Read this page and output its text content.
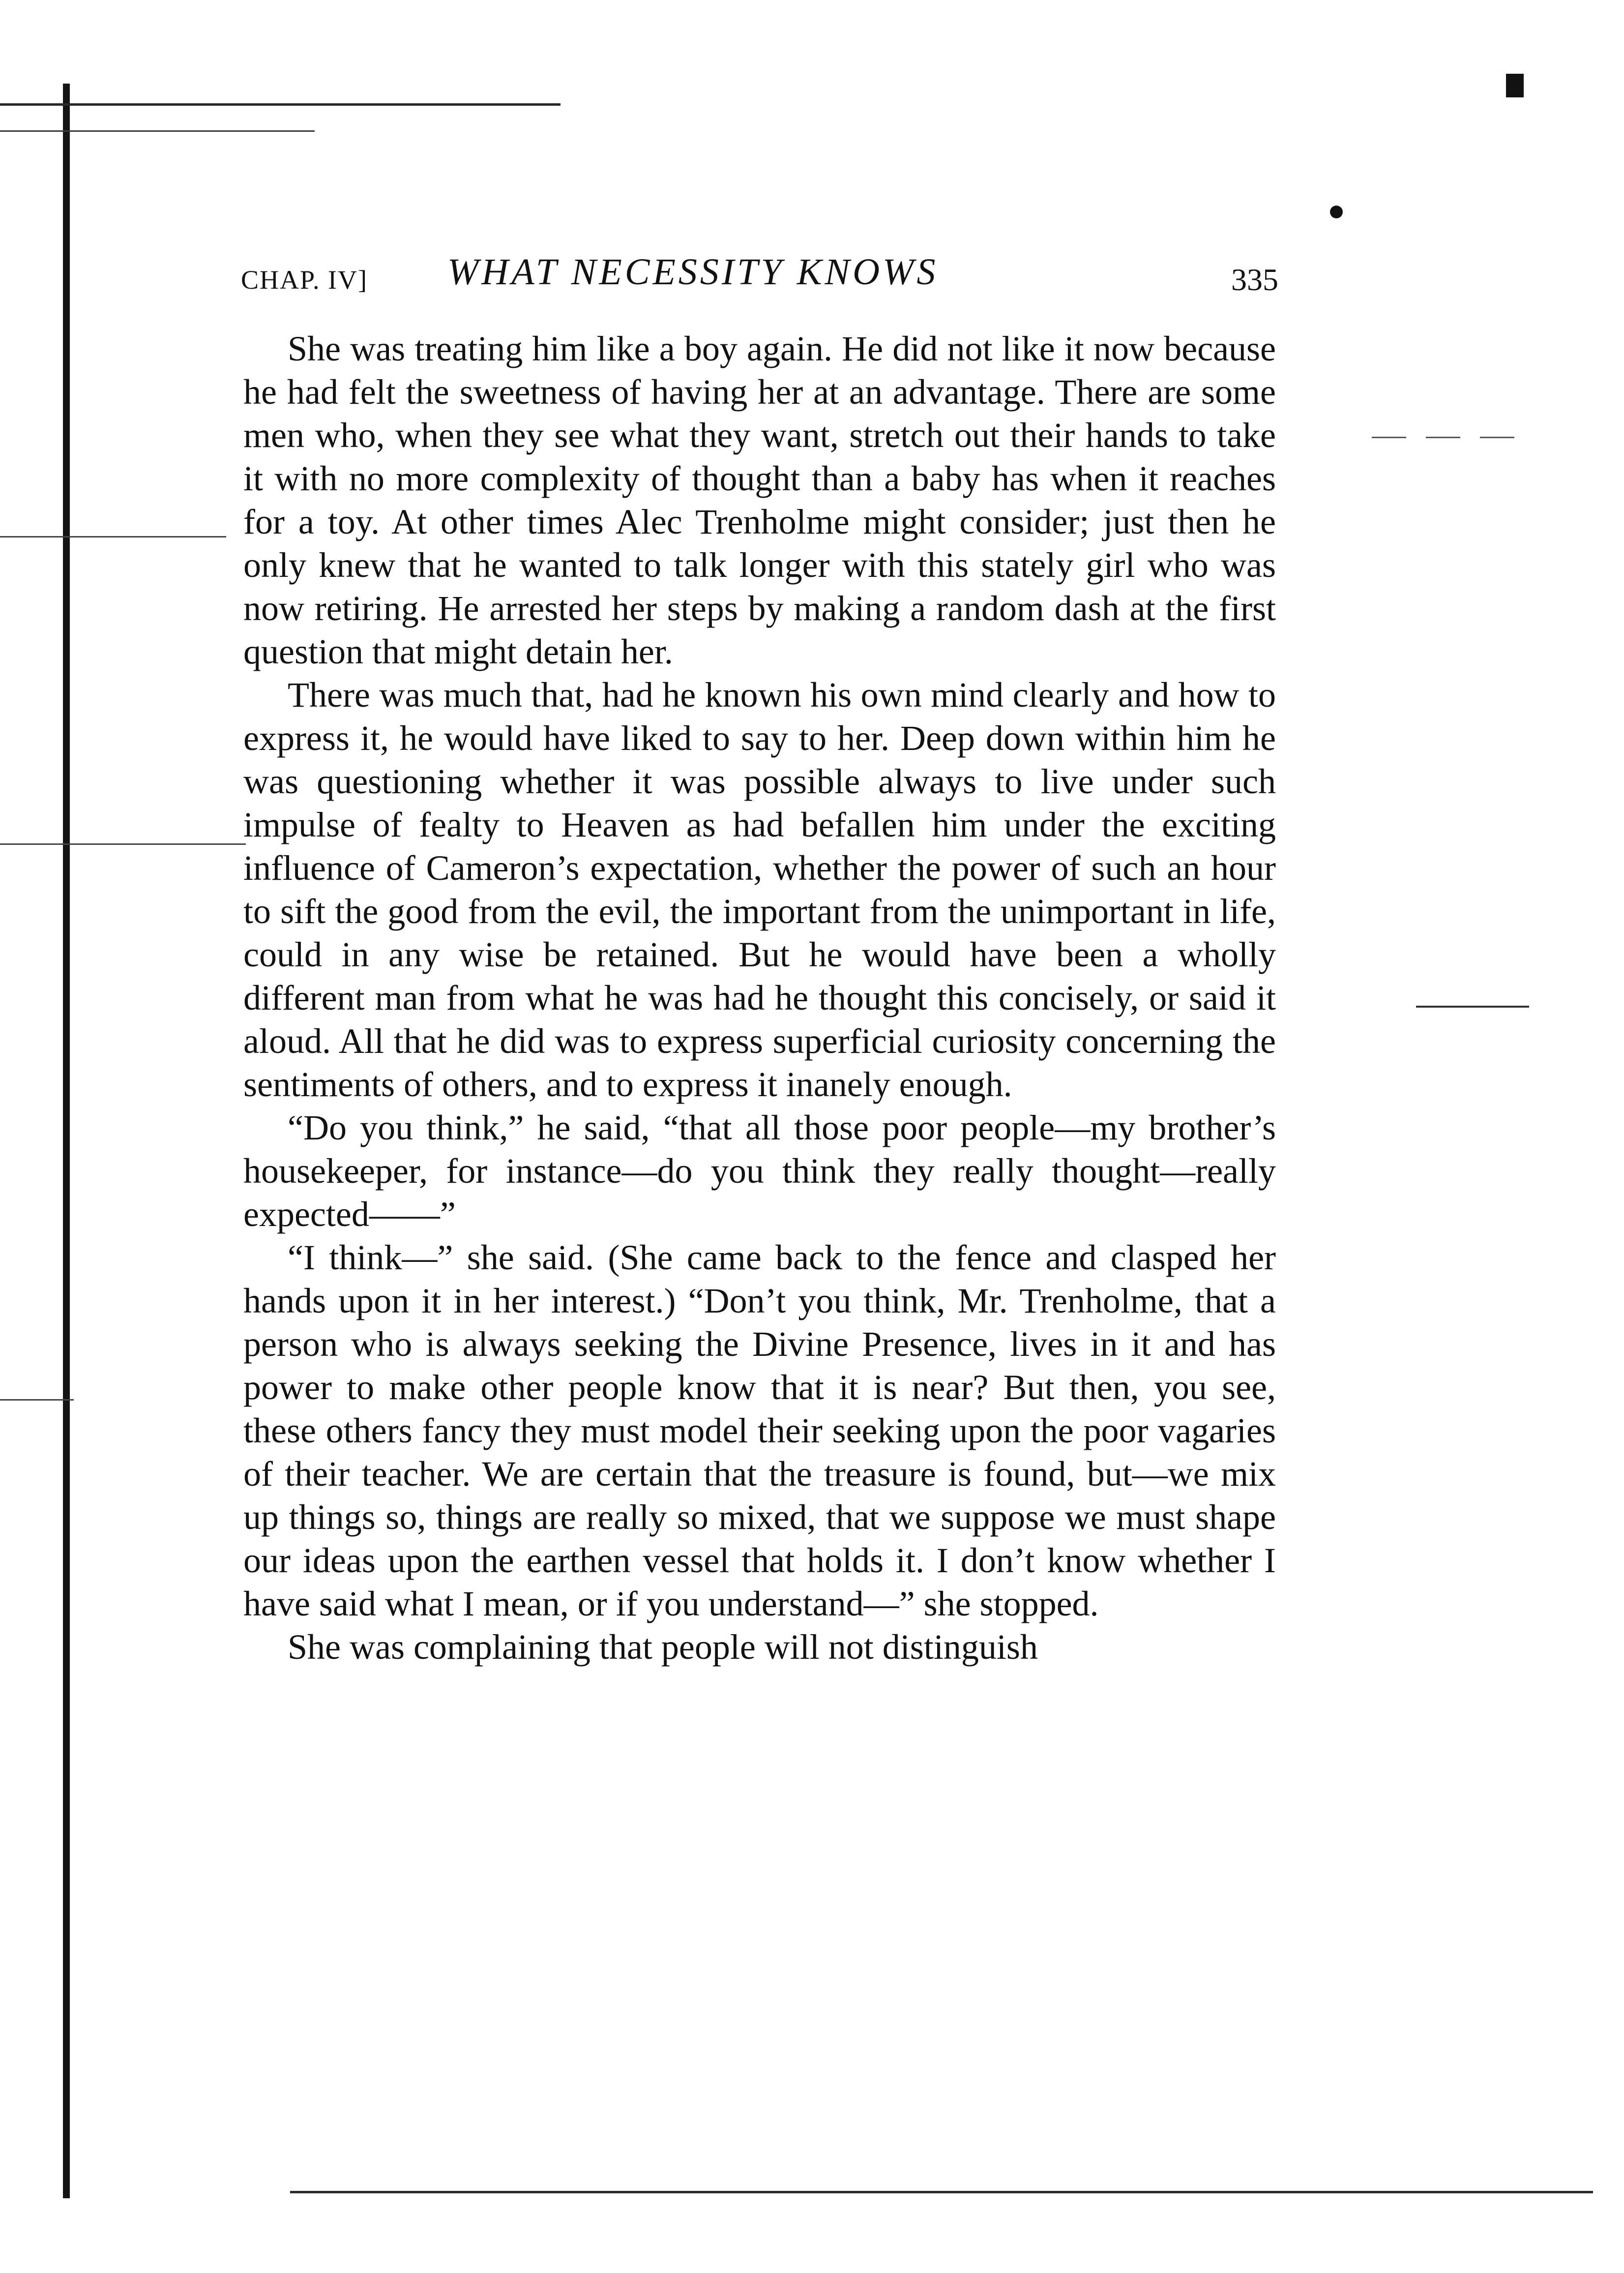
CHAP. IV] WHAT NECESSITY KNOWS	335

She was treating him like a boy again. He did not like it now because he had felt the sweetness of having her at an advantage. There are some men who, when they see what they want, stretch out their hands to take it with no more complexity of thought than a baby has when it reaches for a toy. At other times Alec Trenholme might consider; just then he only knew that he wanted to talk longer with this stately girl who was now retiring. He arrested her steps by making a random dash at the first question that might detain her.

There was much that, had he known his own mind clearly and how to express it, he would have liked to say to her. Deep down within him he was questioning whether it was possible always to live under such impulse of fealty to Heaven as had befallen him under the exciting influence of Cameron’s expectation, whether the power of such an hour to sift the good from the evil, the important from the unimportant in life, could in any wise be retained. But he would have been a wholly different man from what he was had he thought this concisely, or said it aloud. All that he did was to express superficial curiosity concerning the sentiments of others, and to express it inanely enough.

“Do you think,” he said, “that all those poor people—my brother’s housekeeper, for instance—do you think they really thought—really expected——”

“I think—” she said. (She came back to the fence and clasped her hands upon it in her interest.) “Don’t you think, Mr. Trenholme, that a person who is always seeking the Divine Presence, lives in it and has power to make other people know that it is near? But then, you see, these others fancy they must model their seeking upon the poor vagaries of their teacher. We are certain that the treasure is found, but—we mix up things so, things are really so mixed, that we suppose we must shape our ideas upon the earthen vessel that holds it. I don’t know whether I have said what I mean, or if you understand—” she stopped.

She was complaining that people will not distinguish
